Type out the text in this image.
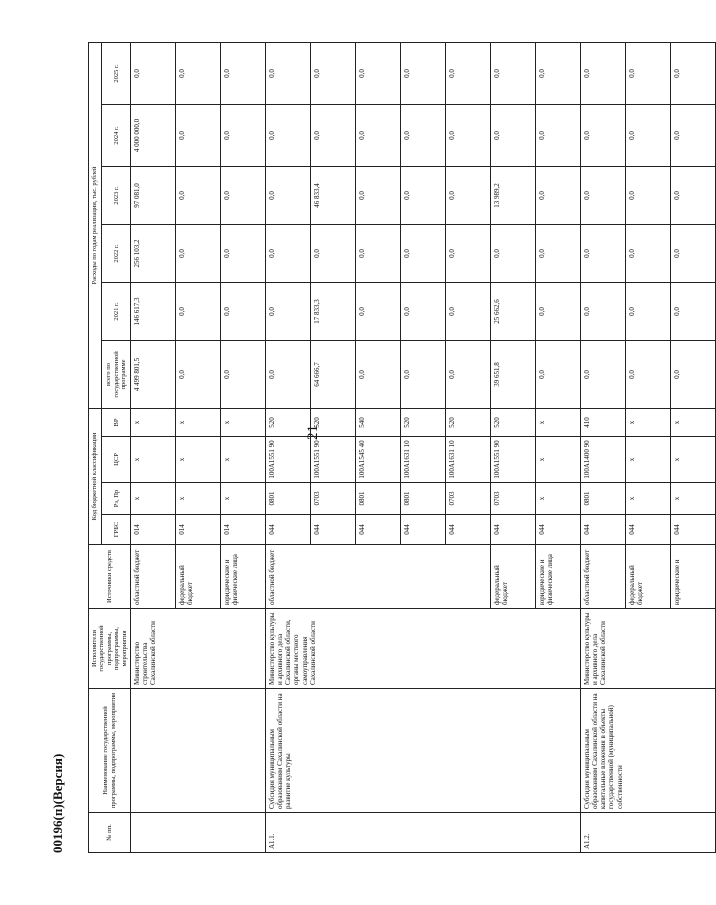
21
00196(п)(Версия)	№ пп.	Наименование государственной программы, подпрограммы, мероприятия	Исполнители государственной программы, подпрограммы, мероприятия	Источники средств	Код бюджетной классификации				Расходы по годам реализации, тыс. рублей					
				ГРБС	Рз, Пр	ЦСР	ВР	всего по государственной программе	2021 г.	2022 г.	2023 г.	2024 г.	2025 г.
		Министерство строительства Сахалинской области	областной бюджет	014	x	x	x	4 499 801,5	146 617,3	256 103,2	97 081,0	4 000 000,0	0,0
			федеральный бюджет	014	x	x	x	0,0	0,0	0,0	0,0	0,0	0,0
			юридические и физические лица	014	x	x	x	0,0	0,0	0,0	0,0	0,0	0,0
А1.1.	Субсидия муниципальным образованиям Сахалинской области на развитие культуры	Министерство культуры и архивного дела Сахалинской области, органы местного самоуправления Сахалинской области	областной бюджет	044	0801	100А1551 90	520	0,0	0,0	0,0	0,0	0,0	0,0
				044	0703	100А1551 90	520	64 666,7	17 833,3	0,0	46 833,4	0,0	0,0
				044	0801	100А1545 40	540	0,0	0,0	0,0	0,0	0,0	0,0
				044	0801	100А1631 10	520	0,0	0,0	0,0	0,0	0,0	0,0
				044	0703	100А1631 10	520	0,0	0,0	0,0	0,0	0,0	0,0
			федеральный бюджет	044	0703	100А1551 90	520	39 651,8	25 662,6	0,0	13 989,2	0,0	0,0
			юридические и физические лица	044	x	x	x	0,0	0,0	0,0	0,0	0,0	0,0
А1.2.	Субсидия муниципальным образованиям Сахалинской области на капитальные вложения в объекты государственной (муниципальной) собственности	Министерство культуры и архивного дела Сахалинской области	областной бюджет	044	0801	100А1400 90	410	0,0	0,0	0,0	0,0	0,0	0,0
			федеральный бюджет	044	x	x	x	0,0	0,0	0,0	0,0	0,0	0,0
			юридические и	044	x	x	x	0,0	0,0	0,0	0,0	0,0	0,0
